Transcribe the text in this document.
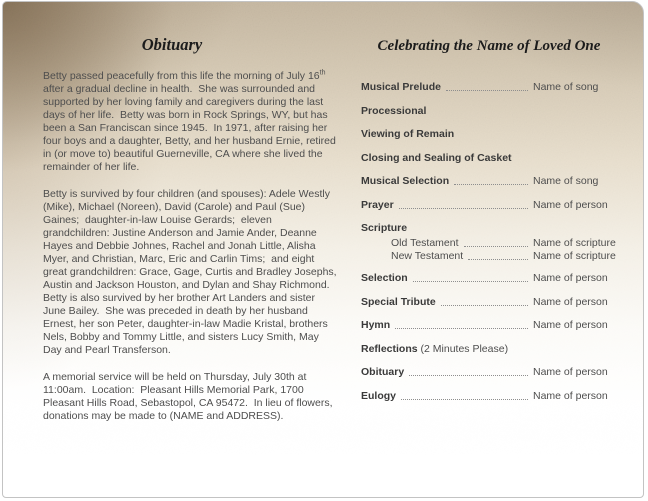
Obituary

Betty passed peacefully from this life the morning of July 16th after a gradual decline in health.  She was surrounded and supported by her loving family and caregivers during the last days of her life.  Betty was born in Rock Springs, WY, but has been a San Franciscan since 1945.  In 1971, after raising her four boys and a daughter, Betty, and her husband Ernie, retired in (or move to) beautiful Guerneville, CA where she lived the remainder of her life.

Betty is survived by four children (and spouses): Adele Westly (Mike), Michael (Noreen), David (Carole) and Paul (Sue) Gaines;  daughter-in-law Louise Gerards;  eleven grandchildren: Justine Anderson and Jamie Ander, Deanne Hayes and Debbie Johnes, Rachel and Jonah Little, Alisha Myer, and Christian, Marc, Eric and Carlin Tims;  and eight great grandchildren: Grace, Gage, Curtis and Bradley Josephs, Austin and Jackson Houston, and Dylan and Shay Richmond.  Betty is also survived by her brother Art Landers and sister June Bailey.  She was preceded in death by her husband Ernest, her son Peter, daughter-in-law Madie Kristal, brothers Nels, Bobby and Tommy Little, and sisters Lucy Smith, May Day and Pearl Transferson.

A memorial service will be held on Thursday, July 30th at 11:00am.  Location:  Pleasant Hills Memorial Park, 1700 Pleasant Hills Road, Sebastopol, CA 95472.  In lieu of flowers, donations may be made to (NAME and ADDRESS).

Celebrating the Name of Loved One
Musical Prelude	Name of song
Processional
Viewing of Remain
Closing and Sealing of Casket
Musical Selection	Name of song
Prayer	Name of person
Scripture
Old Testament	Name of scripture
New Testament	Name of scripture
Selection	Name of person
Special Tribute	Name of person
Hymn	Name of person
Reflections (2 Minutes Please)
Obituary	Name of person
Eulogy	Name of person
